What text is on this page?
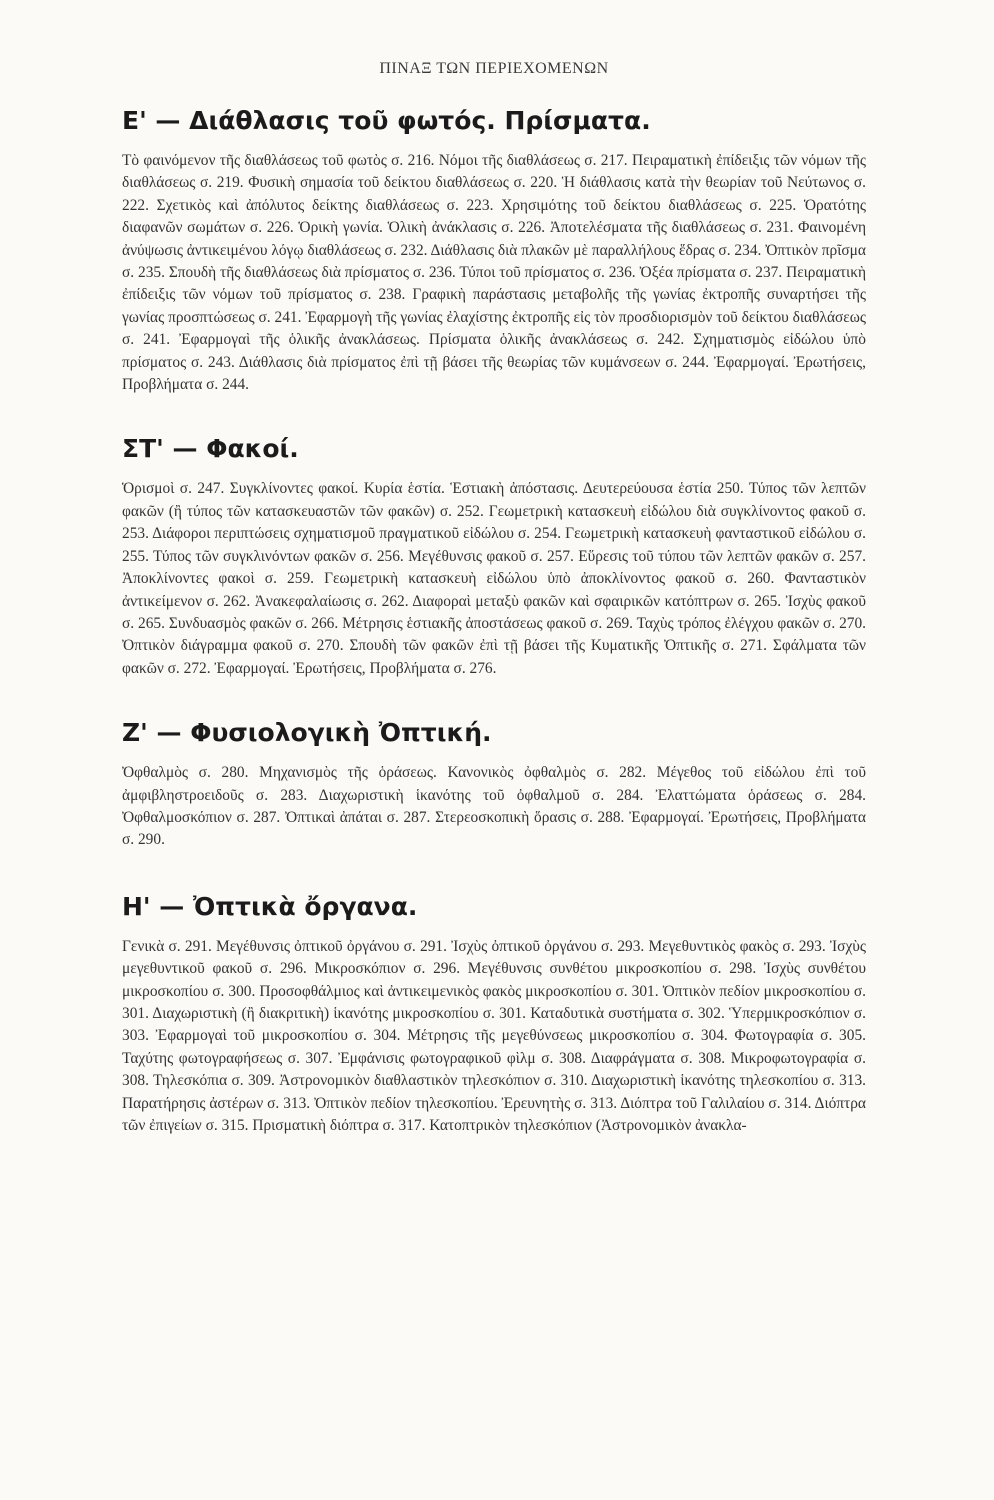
ΠΙΝΑΞ ΤΩΝ ΠΕΡΙΕΧΟΜΕΝΩΝ
Ε' — Διάθλασις τοῦ φωτός. Πρίσματα.

Τὸ φαινόμενον τῆς διαθλάσεως τοῦ φωτὸς σ. 216. Νόμοι τῆς διαθλάσεως σ. 217. Πειραματικὴ ἐπίδειξις τῶν νόμων τῆς διαθλάσεως σ. 219. Φυσικὴ σημασία τοῦ δείκτου διαθλάσεως σ. 220. Ἡ διάθλασις κατὰ τὴν θεωρίαν τοῦ Νεύτωνος σ. 222. Σχετικὸς καὶ ἀπόλυτος δείκτης διαθλάσεως σ. 223. Χρησιμότης τοῦ δείκτου διαθλάσεως σ. 225. Ὁρατότης διαφανῶν σωμάτων σ. 226. Ὁρικὴ γωνία. Ὁλικὴ ἀνάκλασις σ. 226. Ἀποτελέσματα τῆς διαθλάσεως σ. 231. Φαινομένη ἀνύψωσις ἀντικειμένου λόγῳ διαθλάσεως σ. 232. Διάθλασις διὰ πλακῶν μὲ παραλλήλους ἕδρας σ. 234. Ὀπτικὸν πρῖσμα σ. 235. Σπουδὴ τῆς διαθλάσεως διὰ πρίσματος σ. 236. Τύποι τοῦ πρίσματος σ. 236. Ὀξέα πρίσματα σ. 237. Πειραματικὴ ἐπίδειξις τῶν νόμων τοῦ πρίσματος σ. 238. Γραφικὴ παράστασις μεταβολῆς τῆς γωνίας ἐκτροπῆς συναρτήσει τῆς γωνίας προσπτώσεως σ. 241. Ἐφαρμογὴ τῆς γωνίας ἐλαχίστης ἐκτροπῆς εἰς τὸν προσδιορισμὸν τοῦ δείκτου διαθλάσεως σ. 241. Ἐφαρμογαὶ τῆς ὁλικῆς ἀνακλάσεως. Πρίσματα ὁλικῆς ἀνακλάσεως σ. 242. Σχηματισμὸς εἰδώλου ὑπὸ πρίσματος σ. 243. Διάθλασις διὰ πρίσματος ἐπὶ τῇ βάσει τῆς θεωρίας τῶν κυμάνσεων σ. 244. Ἐφαρμογαί. Ἐρωτήσεις, Προβλήματα σ. 244.

ΣΤ' — Φακοί.

Ὁρισμοὶ σ. 247. Συγκλίνοντες φακοί. Κυρία ἑστία. Ἑστιακὴ ἀπόστασις. Δευτερεύουσα ἑστία 250. Τύπος τῶν λεπτῶν φακῶν (ἢ τύπος τῶν κατασκευαστῶν τῶν φακῶν) σ. 252. Γεωμετρικὴ κατασκευὴ εἰδώλου διὰ συγκλίνοντος φακοῦ σ. 253. Διάφοροι περιπτώσεις σχηματισμοῦ πραγματικοῦ εἰδώλου σ. 254. Γεωμετρικὴ κατασκευὴ φανταστικοῦ εἰδώλου σ. 255. Τύπος τῶν συγκλινόντων φακῶν σ. 256. Μεγέθυνσις φακοῦ σ. 257. Εὕρεσις τοῦ τύπου τῶν λεπτῶν φακῶν σ. 257. Ἀποκλίνοντες φακοὶ σ. 259. Γεωμετρικὴ κατασκευὴ εἰδώλου ὑπὸ ἀποκλίνοντος φακοῦ σ. 260. Φανταστικὸν ἀντικείμενον σ. 262. Ἀνακεφαλαίωσις σ. 262. Διαφοραὶ μεταξὺ φακῶν καὶ σφαιρικῶν κατόπτρων σ. 265. Ἰσχὺς φακοῦ σ. 265. Συνδυασμὸς φακῶν σ. 266. Μέτρησις ἑστιακῆς ἀποστάσεως φακοῦ σ. 269. Ταχὺς τρόπος ἐλέγχου φακῶν σ. 270. Ὀπτικὸν διάγραμμα φακοῦ σ. 270. Σπουδὴ τῶν φακῶν ἐπὶ τῇ βάσει τῆς Κυματικῆς Ὀπτικῆς σ. 271. Σφάλματα τῶν φακῶν σ. 272. Ἐφαρμογαί. Ἐρωτήσεις, Προβλήματα σ. 276.

Ζ' — Φυσιολογικὴ Ὀπτική.

Ὀφθαλμὸς σ. 280. Μηχανισμὸς τῆς ὁράσεως. Κανονικὸς ὀφθαλμὸς σ. 282. Μέγεθος τοῦ εἰδώλου ἐπὶ τοῦ ἀμφιβληστροειδοῦς σ. 283. Διαχωριστικὴ ἱκανότης τοῦ ὀφθαλμοῦ σ. 284. Ἐλαττώματα ὁράσεως σ. 284. Ὀφθαλμοσκόπιον σ. 287. Ὀπτικαὶ ἀπάται σ. 287. Στερεοσκοπικὴ ὅρασις σ. 288. Ἐφαρμογαί. Ἐρωτήσεις, Προβλήματα σ. 290.

Η' — Ὀπτικὰ ὄργανα.

Γενικὰ σ. 291. Μεγέθυνσις ὀπτικοῦ ὀργάνου σ. 291. Ἰσχὺς ὀπτικοῦ ὀργάνου σ. 293. Μεγεθυντικὸς φακὸς σ. 293. Ἰσχὺς μεγεθυντικοῦ φακοῦ σ. 296. Μικροσκόπιον σ. 296. Μεγέθυνσις συνθέτου μικροσκοπίου σ. 298. Ἰσχὺς συνθέτου μικροσκοπίου σ. 300. Προσοφθάλμιος καὶ ἀντικειμενικὸς φακὸς μικροσκοπίου σ. 301. Ὀπτικὸν πεδίον μικροσκοπίου σ. 301. Διαχωριστικὴ (ἢ διακριτικὴ) ἱκανότης μικροσκοπίου σ. 301. Καταδυτικὰ συστήματα σ. 302. Ὑπερμικροσκόπιον σ. 303. Ἐφαρμογαὶ τοῦ μικροσκοπίου σ. 304. Μέτρησις τῆς μεγεθύνσεως μικροσκοπίου σ. 304. Φωτογραφία σ. 305. Ταχύτης φωτογραφήσεως σ. 307. Ἐμφάνισις φωτογραφικοῦ φὶλμ σ. 308. Διαφράγματα σ. 308. Μικροφωτογραφία σ. 308. Τηλεσκόπια σ. 309. Ἀστρονομικὸν διαθλαστικὸν τηλεσκόπιον σ. 310. Διαχωριστικὴ ἱκανότης τηλεσκοπίου σ. 313. Παρατήρησις ἀστέρων σ. 313. Ὀπτικὸν πεδίον τηλεσκοπίου. Ἐρευνητὴς σ. 313. Διόπτρα τοῦ Γαλιλαίου σ. 314. Διόπτρα τῶν ἐπιγείων σ. 315. Πρισματικὴ διόπτρα σ. 317. Κατοπτρικὸν τηλεσκόπιον (Ἀστρονομικὸν ἀνακλα-
